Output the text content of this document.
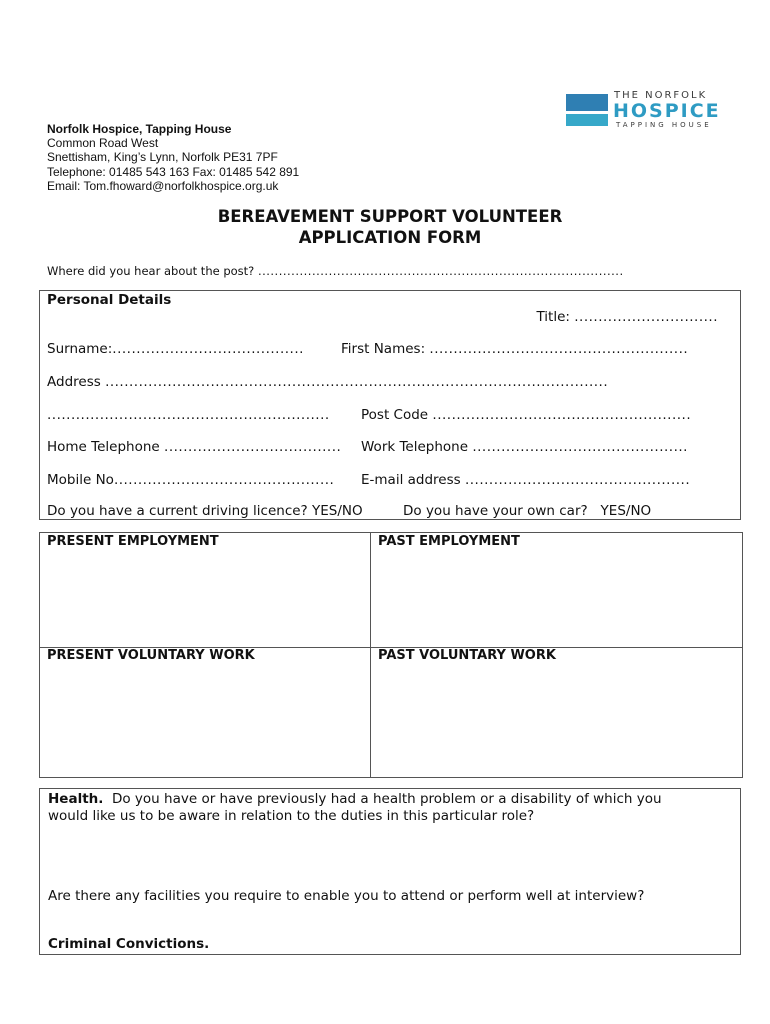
THE NORFOLK
HOSPICE
TAPPING HOUSE
Norfolk Hospice, Tapping House
Common Road West
Snettisham, King’s Lynn, Norfolk PE31 7PF
Telephone: 01485 543 163 Fax: 01485 542 891
Email: Tom.fhoward@norfolkhospice.org.uk
BEREAVEMENT SUPPORT VOLUNTEER
APPLICATION FORM
Where did you hear about the post? ........................................................................................
Personal Details
Title: ..............................
Surname:........................................	First Names: ......................................................
Address .........................................................................................................
........................................................... Post Code ......................................................
Home Telephone ..................................... Work Telephone .............................................
Mobile No.............................................. E-mail address ...............................................
Do you have a current driving licence? YES/NO	Do you have your own car? YES/NO
PRESENT EMPLOYMENT	PAST EMPLOYMENT
PRESENT VOLUNTARY WORK	PAST VOLUNTARY WORK
Health. Do you have or have previously had a health problem or a disability of which you
would like us to be aware in relation to the duties in this particular role?
Are there any facilities you require to enable you to attend or perform well at interview?
Criminal Convictions.
